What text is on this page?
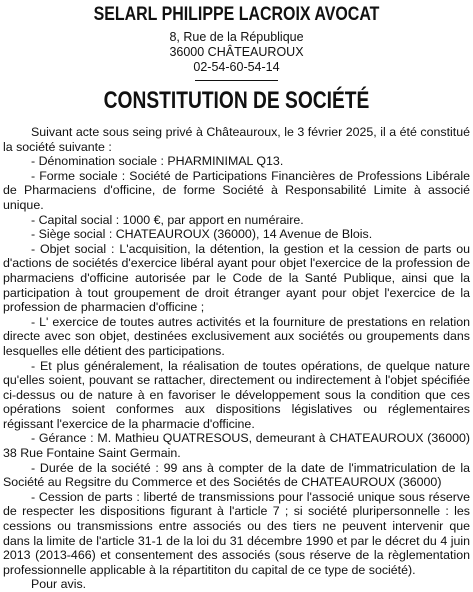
SELARL PHILIPPE LACROIX AVOCAT
8, Rue de la République
36000 CHÂTEAUROUX
02-54-60-54-14
CONSTITUTION DE SOCIÉTÉ

Suivant acte sous seing privé à Châteauroux, le 3 février 2025, il a été constitué la société suivante :

- Dénomination sociale : PHARMINIMAL Q13.

- Forme sociale : Société de Participations Financières de Professions Libérale de Pharmaciens d'officine, de forme Société à Responsabilité Limite à associé unique.

- Capital social : 1000 €, par apport en numéraire.

- Siège social : CHATEAUROUX (36000), 14 Avenue de Blois.

- Objet social : L'acquisition, la détention, la gestion et la cession de parts ou d'actions de sociétés d'exercice libéral ayant pour objet l'exercice de la profession de pharmaciens d'officine autorisée par le Code de la Santé Publique, ainsi que la participation à tout groupement de droit étranger ayant pour objet l'exercice de la profession de pharmacien d'officine ;

- L' exercice de toutes autres activités et la fourniture de prestations en relation directe avec son objet, destinées exclusivement aux sociétés ou groupements dans lesquelles elle détient des participations.

- Et plus généralement, la réalisation de toutes opérations, de quelque nature qu'elles soient, pouvant se rattacher, directement ou indirectement à l'objet spécifiée ci-dessus ou de nature à en favoriser le développement sous la condition que ces opérations soient conformes aux dispositions législatives ou réglementaires régissant l'exercice de la pharmacie d'officine.

- Gérance : M. Mathieu QUATRESOUS, demeurant à CHATEAUROUX (36000) 38 Rue Fontaine Saint Germain.

- Durée de la société : 99 ans à compter de la date de l'immatriculation de la Société au Regsitre du Commerce et des Sociétés de CHATEAUROUX (36000)

- Cession de parts : liberté de transmissions pour l'associé unique sous réserve de respecter les dispositions figurant à l'article 7 ; si société pluripersonnelle : les cessions ou transmissions entre associés ou des tiers ne peuvent intervenir que dans la limite de l'article 31-1 de la loi du 31 décembre 1990 et par le décret du 4 juin 2013 (2013-466) et consentement des associés (sous réserve de la règlementation professionnelle applicable à la répartititon du capital de ce type de société).

Pour avis.
